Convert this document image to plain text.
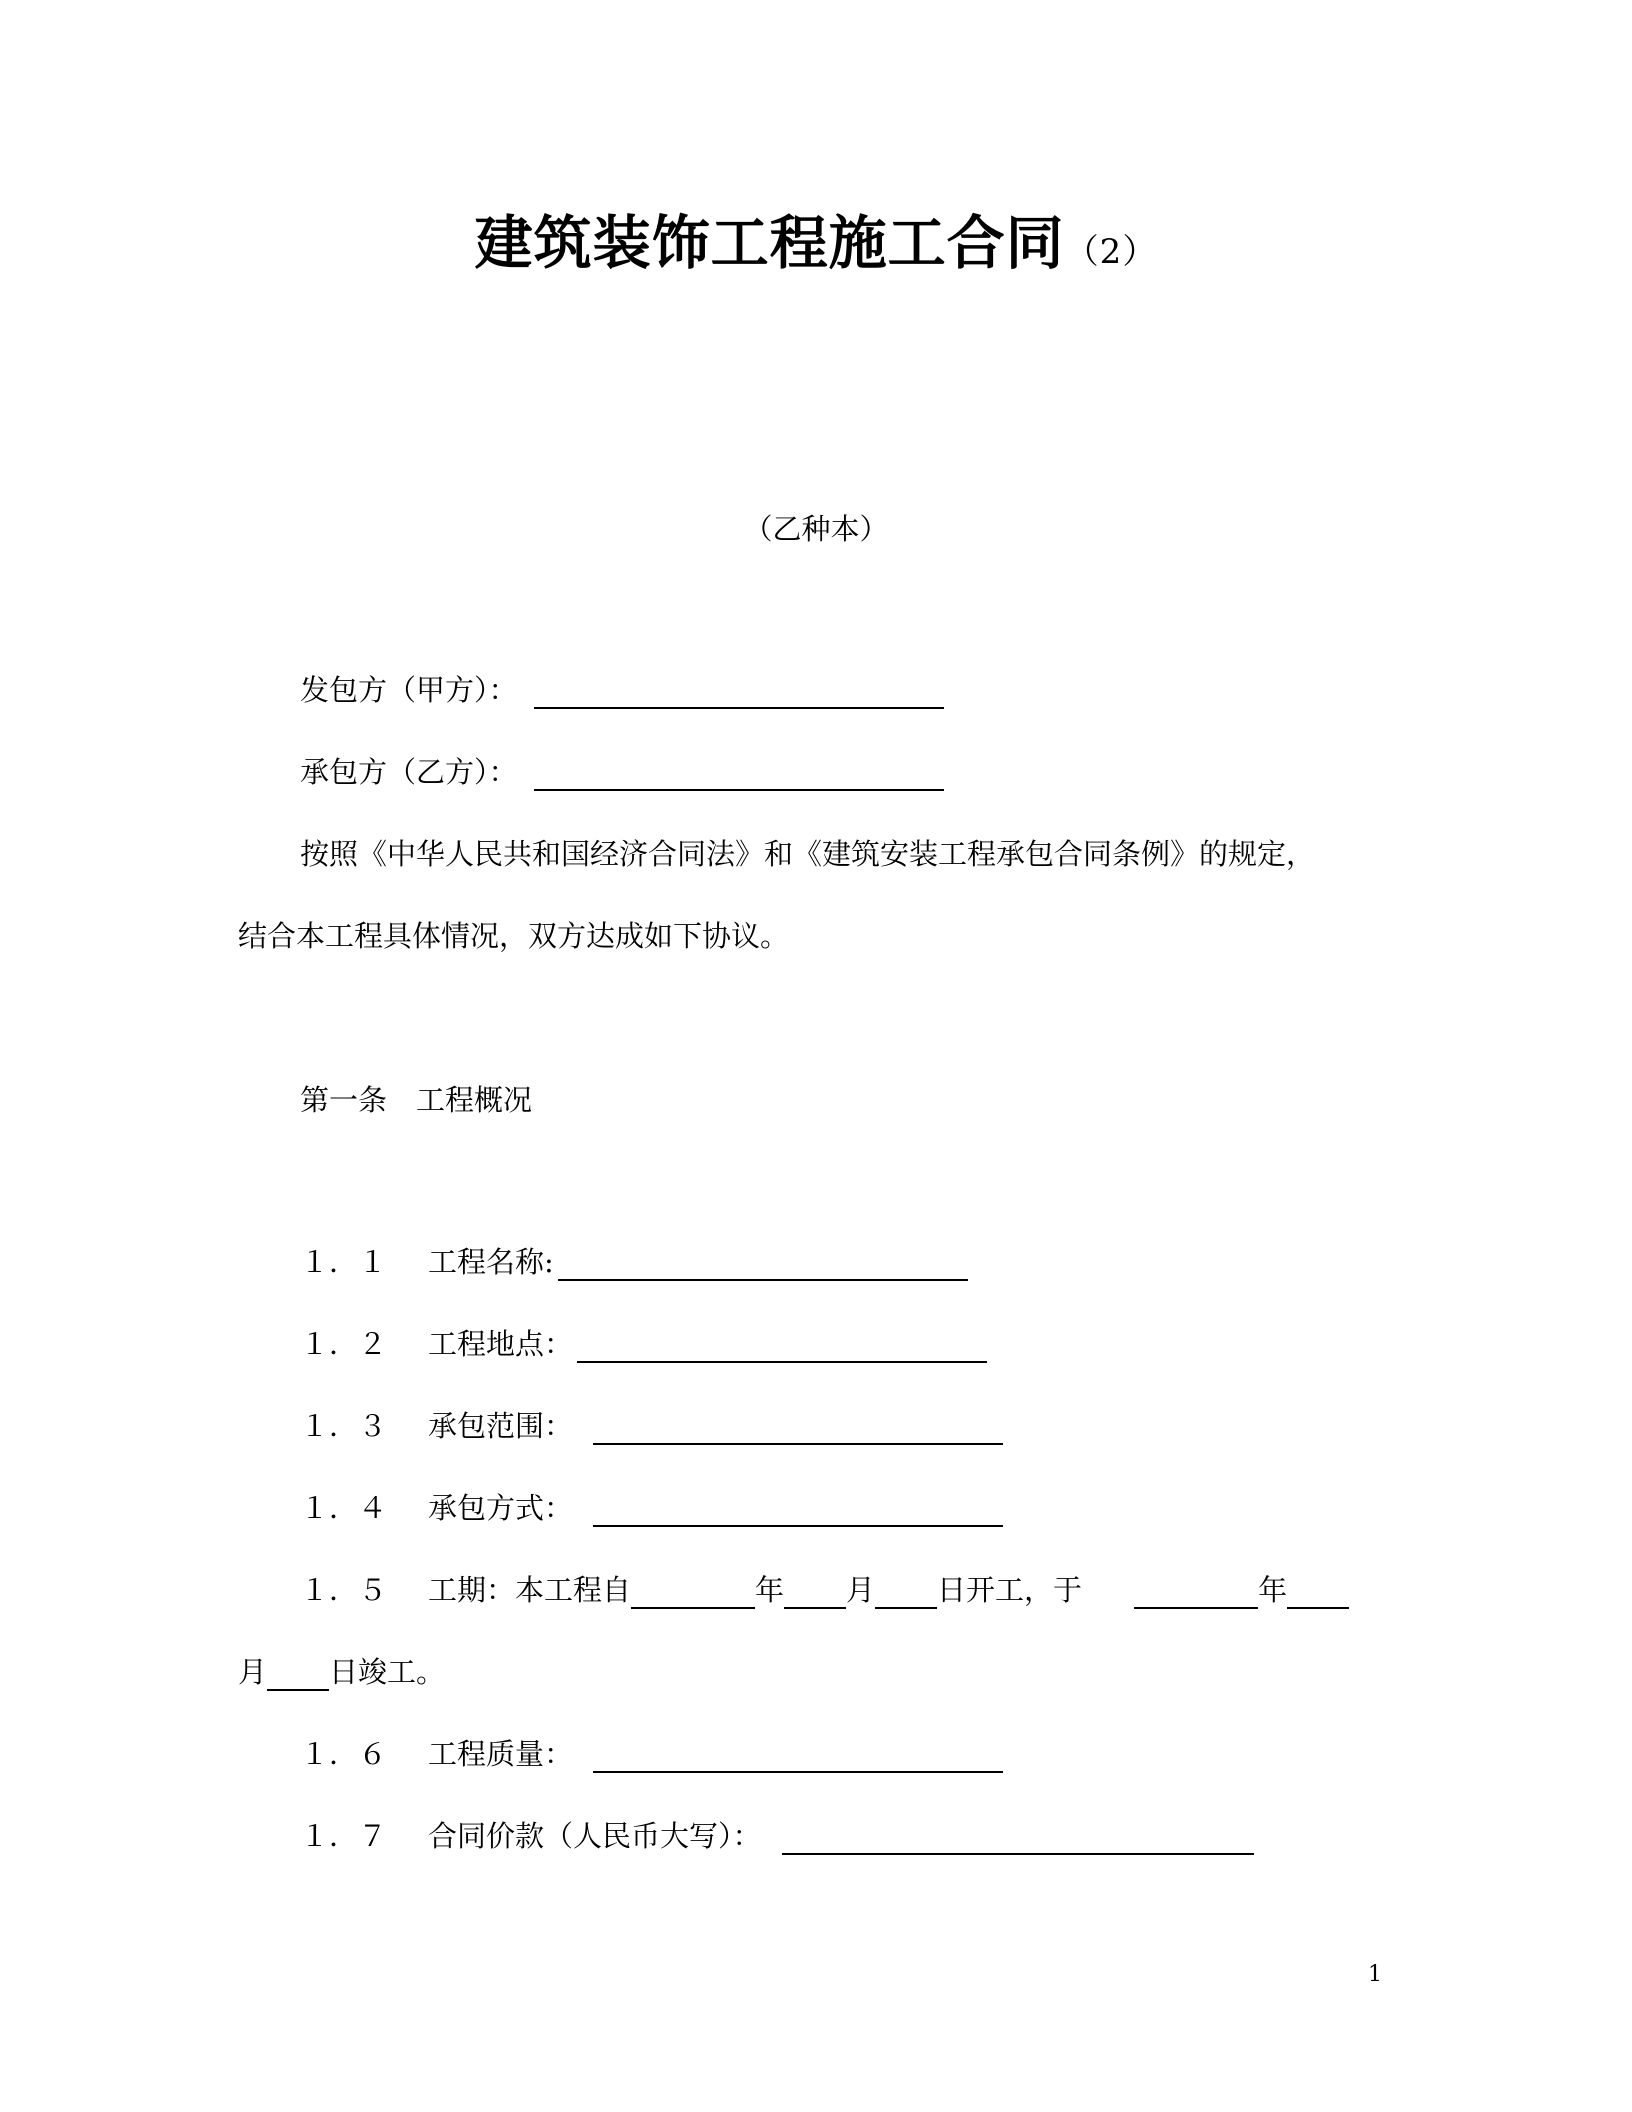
建筑装饰工程施工合同（2）
（乙种本）
发包方（甲方）：
承包方（乙方）：
按照《中华人民共和国经济合同法》和《建筑安装工程承包合同条例》的规定，
结合本工程具体情况，双方达成如下协议。
第一条　工程概况
１．１ 工程名称:
１．２ 工程地点：
１．３ 承包范围：
１．４ 承包方式：
１．５ 工期：本工程自	年 月 日开工，于	年
月 日竣工。
１．６ 工程质量：
１．７ 合同价款（人民币大写）：
1
